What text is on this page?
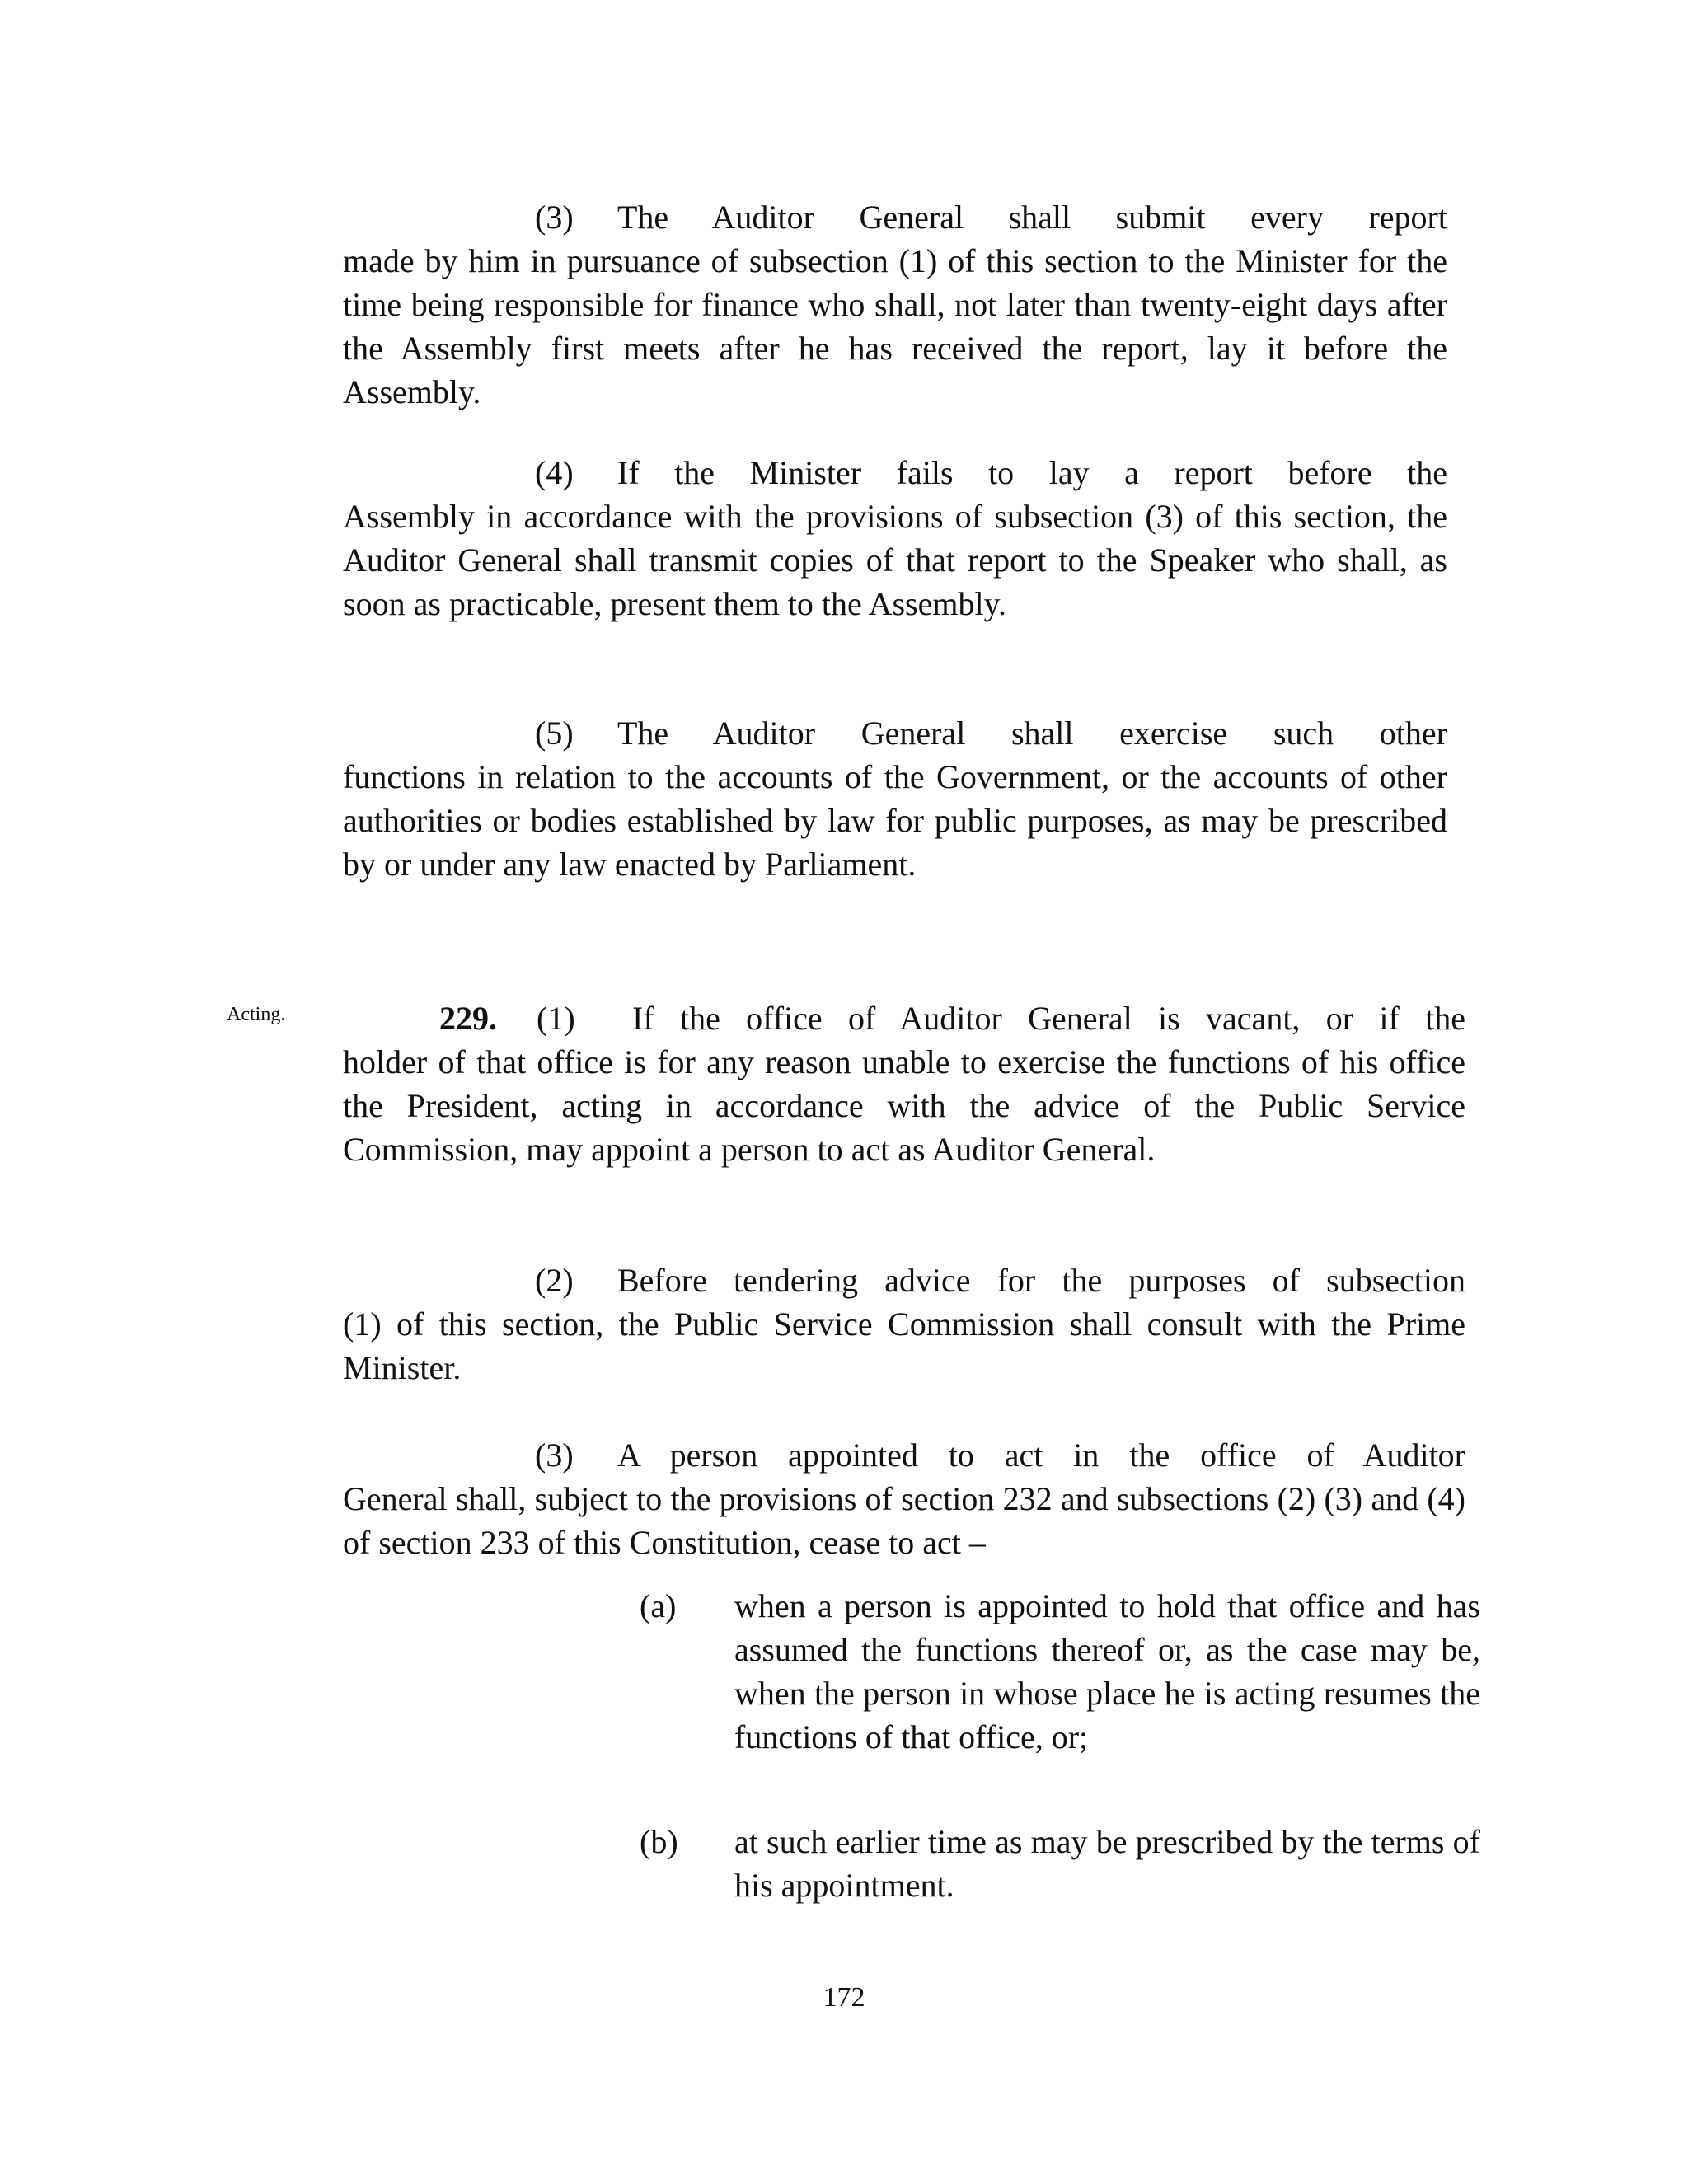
(3) The Auditor General shall submit every report
made by him in pursuance of subsection (1) of this section to the Minister for the time being responsible for finance who shall, not later than twenty-eight days after the Assembly first meets after he has received the report, lay it before the Assembly.
(4) If the Minister fails to lay a report before the
Assembly in accordance with the provisions of subsection (3) of this section, the Auditor General shall transmit copies of that report to the Speaker who shall, as soon as practicable, present them to the Assembly.
(5) The Auditor General shall exercise such other
functions in relation to the accounts of the Government, or the accounts of other authorities or bodies established by law for public purposes, as may be prescribed by or under any law enacted by Parliament.
Acting.	229. (1) If the office of Auditor General is vacant, or if the
holder of that office is for any reason unable to exercise the functions of his office the President, acting in accordance with the advice of the Public Service Commission, may appoint a person to act as Auditor General.
(2) Before tendering advice for the purposes of subsection
(1) of this section, the Public Service Commission shall consult with the Prime Minister.
(3) A person appointed to act in the office of Auditor
General shall, subject to the provisions of section 232 and subsections (2) (3) and (4) of section 233 of this Constitution, cease to act –
(a)	when a person is appointed to hold that office and has assumed the functions thereof or, as the case may be, when the person in whose place he is acting resumes the functions of that office, or;
(b)	at such earlier time as may be prescribed by the terms of his appointment.
172
